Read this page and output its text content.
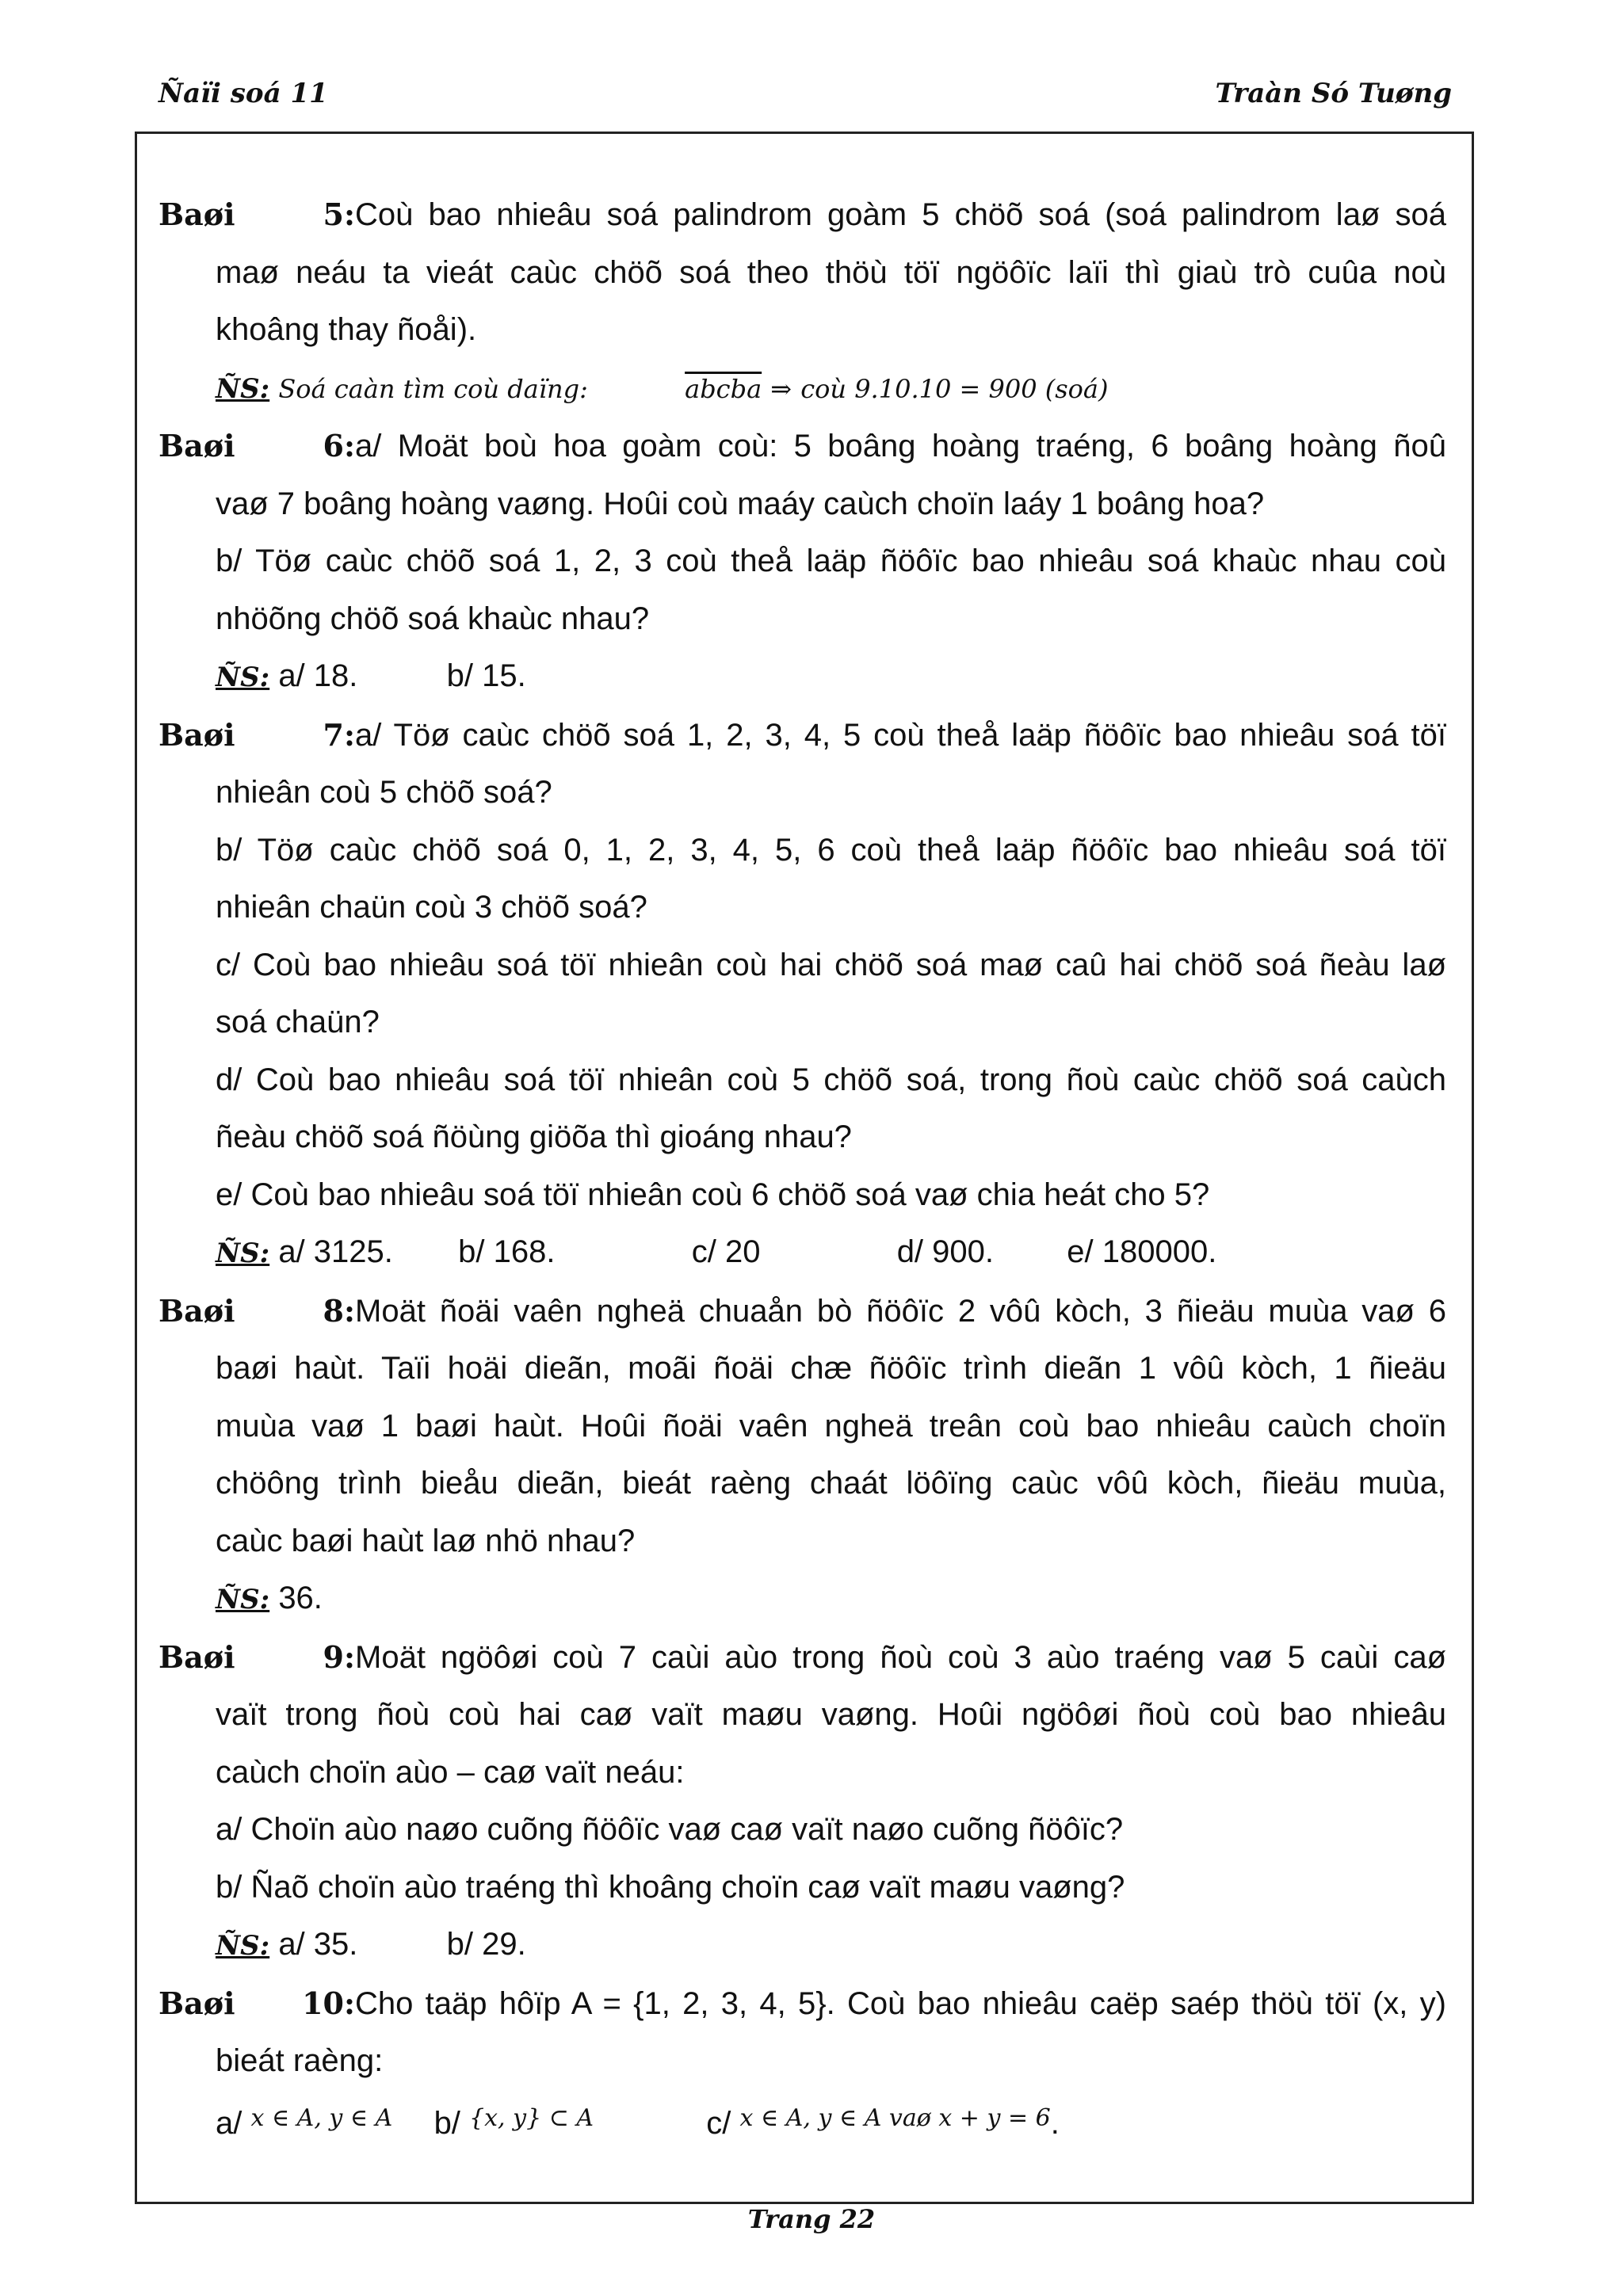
Ñaïi soá 11	Traàn Só Tuøng
Baøi 5:Coù bao nhieâu soá palindrom goàm 5 chöõ soá (soá palindrom laø soá
maø neáu ta vieát caùc chöõ soá theo thöù töï ngöôïc laïi thì giaù trò cuûa noù
khoâng thay ñoåi).
ÑS: Soá caàn tìm coù daïng:	abcba ⇒ coù 9.10.10 = 900 (soá)
Baøi 6:a/ Moät boù hoa goàm coù: 5 boâng hoàng traéng, 6 boâng hoàng ñoû
vaø 7 boâng hoàng vaøng. Hoûi coù maáy caùch choïn laáy 1 boâng hoa?
b/ Töø caùc chöõ soá 1, 2, 3 coù theå laäp ñöôïc bao nhieâu soá khaùc nhau coù
nhöõng chöõ soá khaùc nhau?
ÑS: a/ 18.	b/ 15.
Baøi 7:a/ Töø caùc chöõ soá 1, 2, 3, 4, 5 coù theå laäp ñöôïc bao nhieâu soá töï
nhieân coù 5 chöõ soá?
b/ Töø caùc chöõ soá 0, 1, 2, 3, 4, 5, 6 coù theå laäp ñöôïc bao nhieâu soá töï
nhieân chaün coù 3 chöõ soá?
c/ Coù bao nhieâu soá töï nhieân coù hai chöõ soá maø caû hai chöõ soá ñeàu laø
soá chaün?
d/ Coù bao nhieâu soá töï nhieân coù 5 chöõ soá, trong ñoù caùc chöõ soá caùch
ñeàu chöõ soá ñöùng giöõa thì gioáng nhau?
e/ Coù bao nhieâu soá töï nhieân coù 6 chöõ soá vaø chia heát cho 5?
ÑS: a/ 3125. b/ 168.	c/ 20	d/ 900. e/ 180000.
Baøi 8:Moät ñoäi vaên ngheä chuaån bò ñöôïc 2 vôû kòch, 3 ñieäu muùa vaø 6
baøi haùt. Taïi hoäi dieãn, moãi ñoäi chæ ñöôïc trình dieãn 1 vôû kòch, 1 ñieäu
muùa vaø 1 baøi haùt. Hoûi ñoäi vaên ngheä treân coù bao nhieâu caùch choïn
chöông trình bieåu dieãn, bieát raèng chaát löôïng caùc vôû kòch, ñieäu muùa,
caùc baøi haùt laø nhö nhau?
ÑS: 36.
Baøi 9:Moät ngöôøi coù 7 caùi aùo trong ñoù coù 3 aùo traéng vaø 5 caùi caø
vaït trong ñoù coù hai caø vaït maøu vaøng. Hoûi ngöôøi ñoù coù bao nhieâu
caùch choïn aùo – caø vaït neáu:
a/ Choïn aùo naøo cuõng ñöôïc vaø caø vaït naøo cuõng ñöôïc?
b/ Ñaõ choïn aùo traéng thì khoâng choïn caø vaït maøu vaøng?
ÑS: a/ 35.	b/ 29.
Baøi 10:Cho taäp hôïp A = {1, 2, 3, 4, 5}. Coù bao nhieâu caëp saép thöù töï (x, y)
bieát raèng:
a/ $^{x \in A, y \in A}$ b/ $^{\{x, y\} \subset A}$	c/ $^{x \in A, y \in A vaø x + y = 6}$.
Trang 22
